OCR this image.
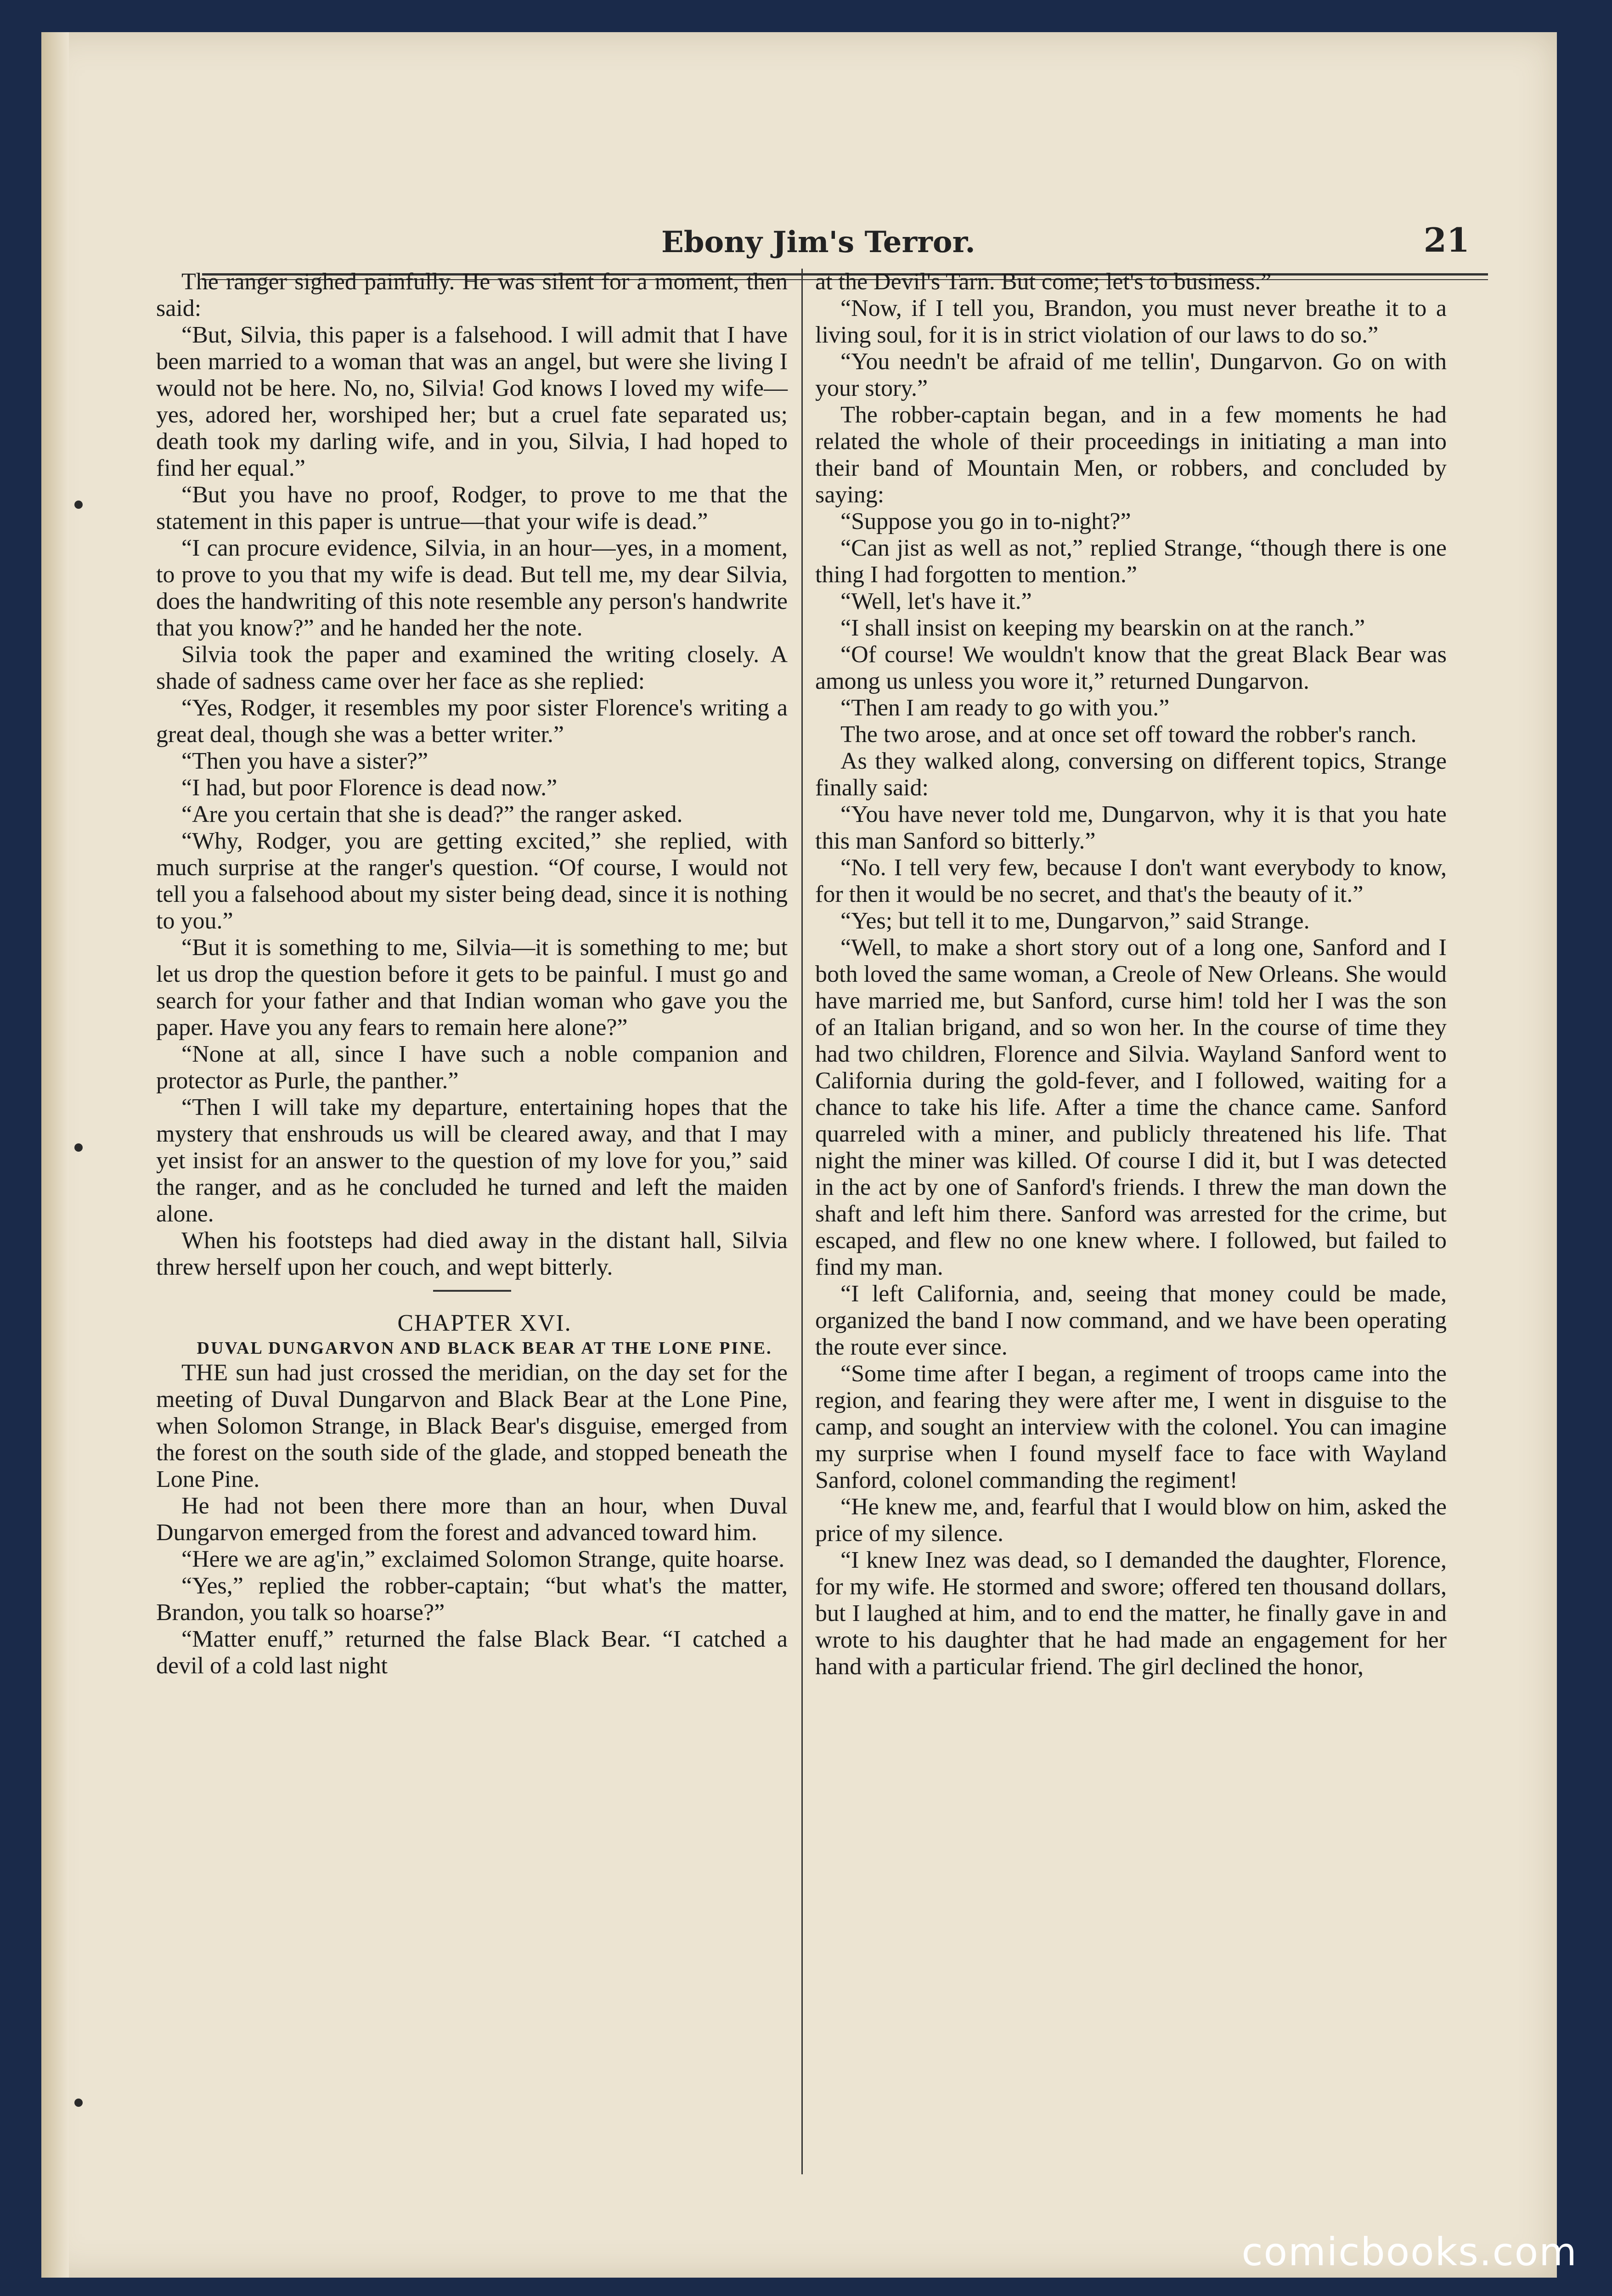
Ebony Jim's Terror.	21

The ranger sighed painfully. He was silent for a moment, then said:

“But, Silvia, this paper is a falsehood. I will admit that I have been married to a woman that was an angel, but were she living I would not be here. No, no, Silvia! God knows I loved my wife—yes, adored her, worshiped her; but a cruel fate separated us; death took my darling wife, and in you, Silvia, I had hoped to find her equal.”

“But you have no proof, Rodger, to prove to me that the statement in this paper is untrue—that your wife is dead.”

“I can procure evidence, Silvia, in an hour—yes, in a moment, to prove to you that my wife is dead. But tell me, my dear Silvia, does the handwriting of this note resemble any person's handwrite that you know?” and he handed her the note.

Silvia took the paper and examined the writing closely. A shade of sadness came over her face as she replied:

“Yes, Rodger, it resembles my poor sister Florence's writing a great deal, though she was a better writer.”

“Then you have a sister?”

“I had, but poor Florence is dead now.”

“Are you certain that she is dead?” the ranger asked.

“Why, Rodger, you are getting excited,” she replied, with much surprise at the ranger's question. “Of course, I would not tell you a falsehood about my sister being dead, since it is nothing to you.”

“But it is something to me, Silvia—it is something to me; but let us drop the question before it gets to be painful. I must go and search for your father and that Indian woman who gave you the paper. Have you any fears to remain here alone?”

“None at all, since I have such a noble companion and protector as Purle, the panther.”

“Then I will take my departure, entertaining hopes that the mystery that enshrouds us will be cleared away, and that I may yet insist for an answer to the question of my love for you,” said the ranger, and as he concluded he turned and left the maiden alone.

When his footsteps had died away in the distant hall, Silvia threw herself upon her couch, and wept bitterly.

CHAPTER XVI.

DUVAL DUNGARVON AND BLACK BEAR AT THE LONE PINE.

THE sun had just crossed the meridian, on the day set for the meeting of Duval Dungarvon and Black Bear at the Lone Pine, when Solomon Strange, in Black Bear's disguise, emerged from the forest on the south side of the glade, and stopped beneath the Lone Pine.

He had not been there more than an hour, when Duval Dungarvon emerged from the forest and advanced toward him.

“Here we are ag'in,” exclaimed Solomon Strange, quite hoarse.

“Yes,” replied the robber-captain; “but what's the matter, Brandon, you talk so hoarse?”

“Matter enuff,” returned the false Black Bear. “I catched a devil of a cold last night

at the Devil's Tarn. But come; let's to business.”

“Now, if I tell you, Brandon, you must never breathe it to a living soul, for it is in strict violation of our laws to do so.”

“You needn't be afraid of me tellin', Dungarvon. Go on with your story.”

The robber-captain began, and in a few moments he had related the whole of their proceedings in initiating a man into their band of Mountain Men, or robbers, and concluded by saying:

“Suppose you go in to-night?”

“Can jist as well as not,” replied Strange, “though there is one thing I had forgotten to mention.”

“Well, let's have it.”

“I shall insist on keeping my bearskin on at the ranch.”

“Of course! We wouldn't know that the great Black Bear was among us unless you wore it,” returned Dungarvon.

“Then I am ready to go with you.”

The two arose, and at once set off toward the robber's ranch.

As they walked along, conversing on different topics, Strange finally said:

“You have never told me, Dungarvon, why it is that you hate this man Sanford so bitterly.”

“No. I tell very few, because I don't want everybody to know, for then it would be no secret, and that's the beauty of it.”

“Yes; but tell it to me, Dungarvon,” said Strange.

“Well, to make a short story out of a long one, Sanford and I both loved the same woman, a Creole of New Orleans. She would have married me, but Sanford, curse him! told her I was the son of an Italian brigand, and so won her. In the course of time they had two children, Florence and Silvia. Wayland Sanford went to California during the gold-fever, and I followed, waiting for a chance to take his life. After a time the chance came. Sanford quarreled with a miner, and publicly threatened his life. That night the miner was killed. Of course I did it, but I was detected in the act by one of Sanford's friends. I threw the man down the shaft and left him there. Sanford was arrested for the crime, but escaped, and flew no one knew where. I followed, but failed to find my man.

“I left California, and, seeing that money could be made, organized the band I now command, and we have been operating the route ever since.

“Some time after I began, a regiment of troops came into the region, and fearing they were after me, I went in disguise to the camp, and sought an interview with the colonel. You can imagine my surprise when I found myself face to face with Wayland Sanford, colonel commanding the regiment!

“He knew me, and, fearful that I would blow on him, asked the price of my silence.

“I knew Inez was dead, so I demanded the daughter, Florence, for my wife. He stormed and swore; offered ten thousand dollars, but I laughed at him, and to end the matter, he finally gave in and wrote to his daughter that he had made an engagement for her hand with a particular friend. The girl declined the honor,

comicbooks.com
